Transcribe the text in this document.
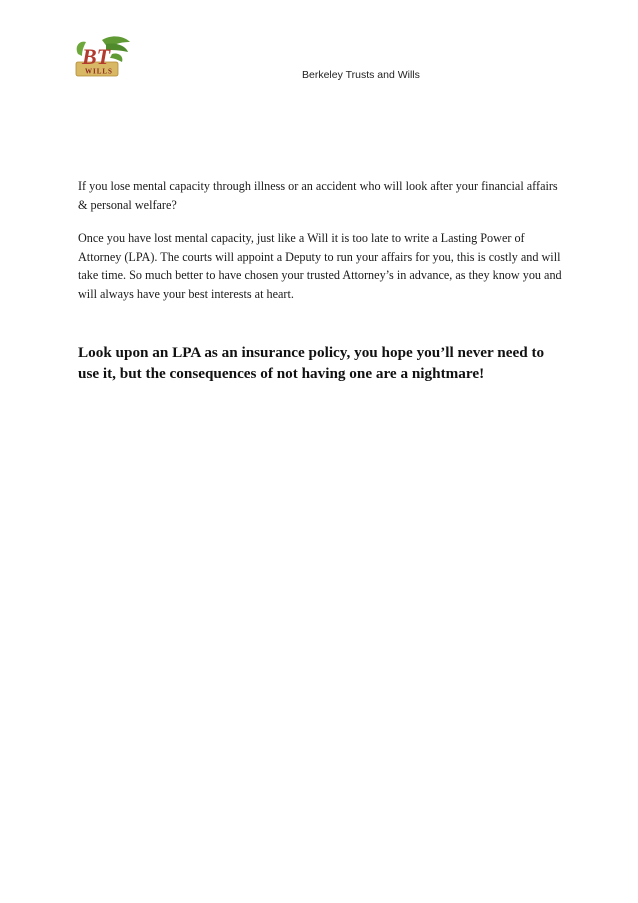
BT
WILLS	Berkeley Trusts and Wills

If you lose mental capacity through illness or an accident who will look after your financial affairs & personal welfare?

Once you have lost mental capacity, just like a Will it is too late to write a Lasting Power of Attorney (LPA). The courts will appoint a Deputy to run your affairs for you, this is costly and will take time. So much better to have chosen your trusted Attorney’s in advance, as they know you and will always have your best interests at heart.

Look upon an LPA as an insurance policy, you hope you’ll never need to use it, but the consequences of not having one are a nightmare!
